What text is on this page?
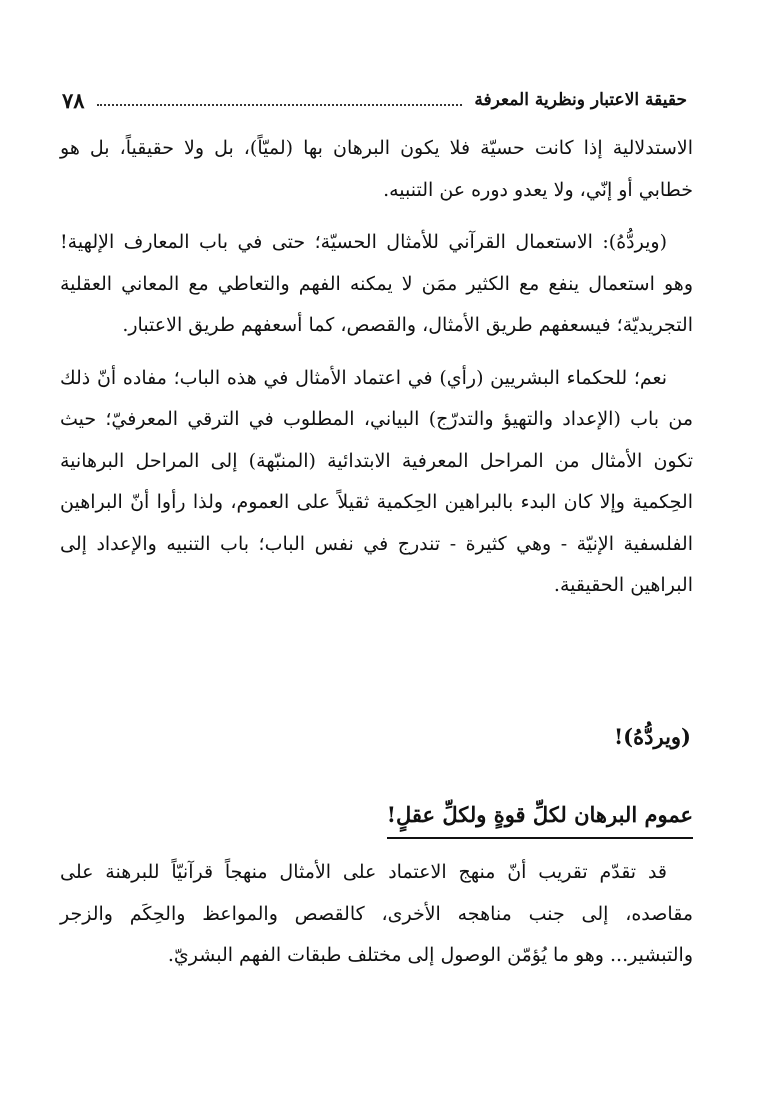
حقيقة الاعتبار ونظرية المعرفة
٧٨

الاستدلالية إذا كانت حسيّة فلا يكون البرهان بها (لميّاً)، بل ولا حقيقياً، بل هو خطابي أو إنّي، ولا يعدو دوره عن التنبيه.

(ويردُّهُ): الاستعمال القرآني للأمثال الحسيّة؛ حتى في باب المعارف الإلهية! وهو استعمال ينفع مع الكثير ممَن لا يمكنه الفهم والتعاطي مع المعاني العقلية التجريديّة؛ فيسعفهم طريق الأمثال، والقصص، كما أسعفهم طريق الاعتبار.

نعم؛ للحكماء البشريين (رأي) في اعتماد الأمثال في هذه الباب؛ مفاده أنّ ذلك من باب (الإعداد والتهيؤ والتدرّج) البياني، المطلوب في الترقي المعرفيّ؛ حيث تكون الأمثال من المراحل المعرفية الابتدائية (المنبّهة) إلى المراحل البرهانية الحِكمية وإلا كان البدء بالبراهين الحِكمية ثقيلاً على العموم، ولذا رأوا أنّ البراهين الفلسفية الإنيّة - وهي كثيرة - تندرج في نفس الباب؛ باب التنبيه والإعداد إلى البراهين الحقيقية.

(ويردُّهُ)!
عموم البرهان لكلِّ قوةٍ ولكلِّ عقلٍ!

قد تقدّم تقريب أنّ منهج الاعتماد على الأمثال منهجاً قرآنيّاً للبرهنة على مقاصده، إلى جنب مناهجه الأخرى، كالقصص والمواعظ والحِكَم والزجر والتبشير... وهو ما يُؤمّن الوصول إلى مختلف طبقات الفهم البشريّ.
